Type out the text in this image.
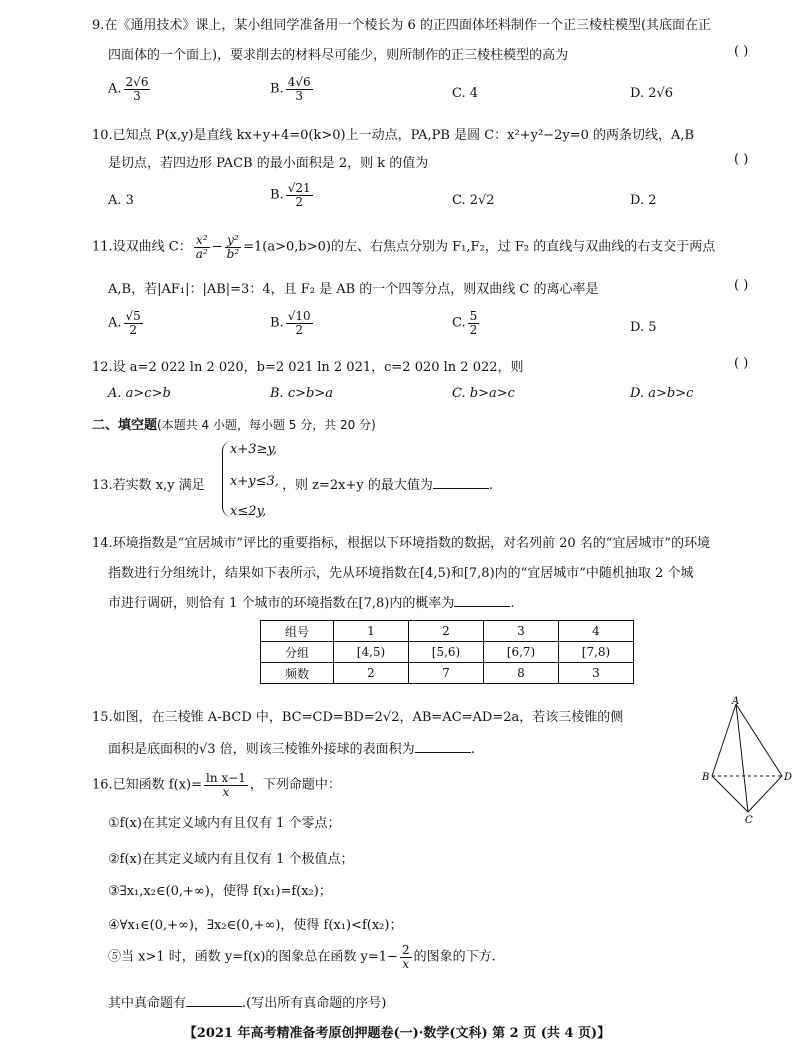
9.在《通用技术》课上，某小组同学准备用一个棱长为 6 的正四面体坯料制作一个正三棱柱模型(其底面在正
四面体的一个面上)，要求削去的材料尽可能少，则所制作的正三棱柱模型的高为	( )
A. $\frac{2√6}{3}$	B. $\frac{4√6}{3}$	C. 4	D. 2√6
10.已知点 P(x,y)是直线 kx+y+4=0(k>0)上一动点，PA,PB 是圆 C：x²+y²−2y=0 的两条切线，A,B
是切点，若四边形 PACB 的最小面积是 2，则 k 的值为	( )
A. 3	B. $\frac{√21}{2}$	C. 2√2	D. 2
11.设双曲线 C： $\frac{\text{x²}}{\text{a²}} - \frac{\text{y²}}{\text{b²}} =1(a>0,b>0)$的左、右焦点分别为 F₁,F₂，过 F₂ 的直线与双曲线的右支交于两点
A,B，若|AF₁|：|AB|=3：4，且 F₂ 是 AB 的一个四等分点，则双曲线 C 的离心率是	( )
A. $\frac{√5}{2}$	B. $\frac{√10}{2}$	C. $\frac{5}{2}$	D. 5
12.设 a=2 022 ln 2 020，b=2 021 ln 2 021，c=2 020 ln 2 022，则	( )
A. a>c>b	B. c>b>a	C. b>a>c	D. a>b>c
二、填空题(本题共 4 小题，每小题 5 分，共 20 分)
x+3≥y,
x+y≤3,
x≤2y,
13.若实数 x,y 满足	，则 z=2x+y 的最大值为	.
14.环境指数是“宜居城市”评比的重要指标，根据以下环境指数的数据，对名列前 20 名的“宜居城市”的环境
指数进行分组统计，结果如下表所示，先从环境指数在[4,5)和[7,8)内的“宜居城市”中随机抽取 2 个城
市进行调研，则恰有 1 个城市的环境指数在[7,8)内的概率为	.
组号	1	2	3	4
分组	[4,5)	[5,6)	[6,7)	[7,8)
频数	2	7	8	3
15.如图，在三棱锥 A-BCD 中，BC=CD=BD=2√2，AB=AC=AD=2a，若该三棱锥的侧
面积是底面积的√3 倍，则该三棱锥外接球的表面积为	.
A
B	D
C
16.已知函数 $f(x)= \frac{\text{ln x−1}}{x}$ ，下列命题中：
①f(x)在其定义域内有且仅有 1 个零点；
②f(x)在其定义域内有且仅有 1 个极值点；
③∃x₁,x₂∈(0,+∞)，使得 f(x₁)=f(x₂)；
④∀x₁∈(0,+∞)，∃x₂∈(0,+∞)，使得 f(x₁)<f(x₂)；
⑤当 x>1 时，函数 y=f(x)的图象总在函数 $y=1- \frac{2}{x}$ 的图象的下方.
其中真命题有	.(写出所有真命题的序号)
【2021 年高考精准备考原创押题卷(一)·数学(文科) 第 2 页 (共 4 页)】
